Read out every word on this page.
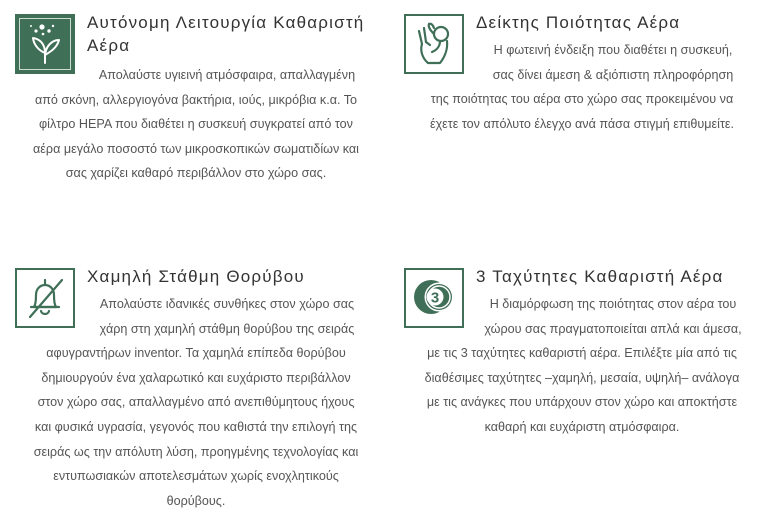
Αυτόνομη Λειτουργία Καθαριστή Αέρα

Απολαύστε υγιεινή ατμόσφαιρα, απαλλαγμένη
από σκόνη, αλλεργιογόνα βακτήρια, ιούς, μικρόβια κ.α. Το
φίλτρο HEPA που διαθέτει η συσκευή συγκρατεί από τον
αέρα μεγάλο ποσοστό των μικροσκοπικών σωματιδίων και
σας χαρίζει καθαρό περιβάλλον στο χώρο σας.

Δείκτης Ποιότητας Αέρα

Η φωτεινή ένδειξη που διαθέτει η συσκευή,
σας δίνει άμεση & αξιόπιστη πληροφόρηση
της ποιότητας του αέρα στο χώρο σας προκειμένου να
έχετε τον απόλυτο έλεγχο ανά πάσα στιγμή επιθυμείτε.

Χαμηλή Στάθμη Θορύβου

Απολαύστε ιδανικές συνθήκες στον χώρο σας
χάρη στη χαμηλή στάθμη θορύβου της σειράς
αφυγραντήρων inventor. Τα χαμηλά επίπεδα θορύβου
δημιουργούν ένα χαλαρωτικό και ευχάριστο περιβάλλον
στον χώρο σας, απαλλαγμένο από ανεπιθύμητους ήχους
και φυσικά υγρασία, γεγονός που καθιστά την επιλογή της
σειράς ως την απόλυτη λύση, προηγμένης τεχνολογίας και
εντυπωσιακών αποτελεσμάτων χωρίς ενοχλητικούς
θορύβους.

3
3 Ταχύτητες Καθαριστή Αέρα

Η διαμόρφωση της ποιότητας στον αέρα του
χώρου σας πραγματοποιείται απλά και άμεσα,
με τις 3 ταχύτητες καθαριστή αέρα. Επιλέξτε μία από τις
διαθέσιμες ταχύτητες –χαμηλή, μεσαία, υψηλή– ανάλογα
με τις ανάγκες που υπάρχουν στον χώρο και αποκτήστε
καθαρή και ευχάριστη ατμόσφαιρα.
